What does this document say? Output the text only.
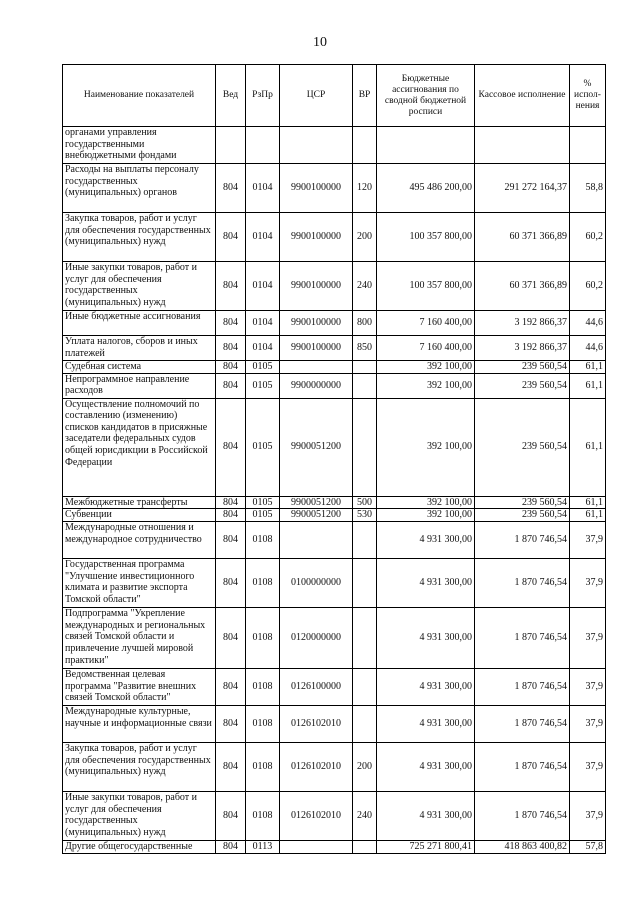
10
Наименование показателей	Вед	РзПр	ЦСР	ВР	Бюджетные ассигнования по сводной бюджетной росписи	Кассовое исполнение	% испол-нения
органами управления государственными внебюджетными фондами							
Расходы на выплаты персоналу государственных (муниципальных) органов	804	0104	9900100000	120	495 486 200,00	291 272 164,37	58,8
Закупка товаров, работ и услуг для обеспечения государственных (муниципальных) нужд	804	0104	9900100000	200	100 357 800,00	60 371 366,89	60,2
Иные закупки товаров, работ и услуг для обеспечения государственных (муниципальных) нужд	804	0104	9900100000	240	100 357 800,00	60 371 366,89	60,2
Иные бюджетные ассигнования	804	0104	9900100000	800	7 160 400,00	3 192 866,37	44,6
Уплата налогов, сборов и иных платежей	804	0104	9900100000	850	7 160 400,00	3 192 866,37	44,6
Судебная система	804	0105			392 100,00	239 560,54	61,1
Непрограммное направление расходов	804	0105	9900000000		392 100,00	239 560,54	61,1
Осуществление полномочий по составлению (изменению) списков кандидатов в присяжные заседатели федеральных судов общей юрисдикции в Российской Федерации	804	0105	9900051200		392 100,00	239 560,54	61,1
Межбюджетные трансферты	804	0105	9900051200	500	392 100,00	239 560,54	61,1
Субвенции	804	0105	9900051200	530	392 100,00	239 560,54	61,1
Международные отношения и международное сотрудничество	804	0108			4 931 300,00	1 870 746,54	37,9
Государственная программа "Улучшение инвестиционного климата и развитие экспорта Томской области"	804	0108	0100000000		4 931 300,00	1 870 746,54	37,9
Подпрограмма "Укрепление международных и региональных связей Томской области и привлечение лучшей мировой практики"	804	0108	0120000000		4 931 300,00	1 870 746,54	37,9
Ведомственная целевая программа "Развитие внешних связей Томской области"	804	0108	0126100000		4 931 300,00	1 870 746,54	37,9
Международные культурные, научные и информационные связи	804	0108	0126102010		4 931 300,00	1 870 746,54	37,9
Закупка товаров, работ и услуг для обеспечения государственных (муниципальных) нужд	804	0108	0126102010	200	4 931 300,00	1 870 746,54	37,9
Иные закупки товаров, работ и услуг для обеспечения государственных (муниципальных) нужд	804	0108	0126102010	240	4 931 300,00	1 870 746,54	37,9
Другие общегосударственные	804	0113			725 271 800,41	418 863 400,82	57,8
